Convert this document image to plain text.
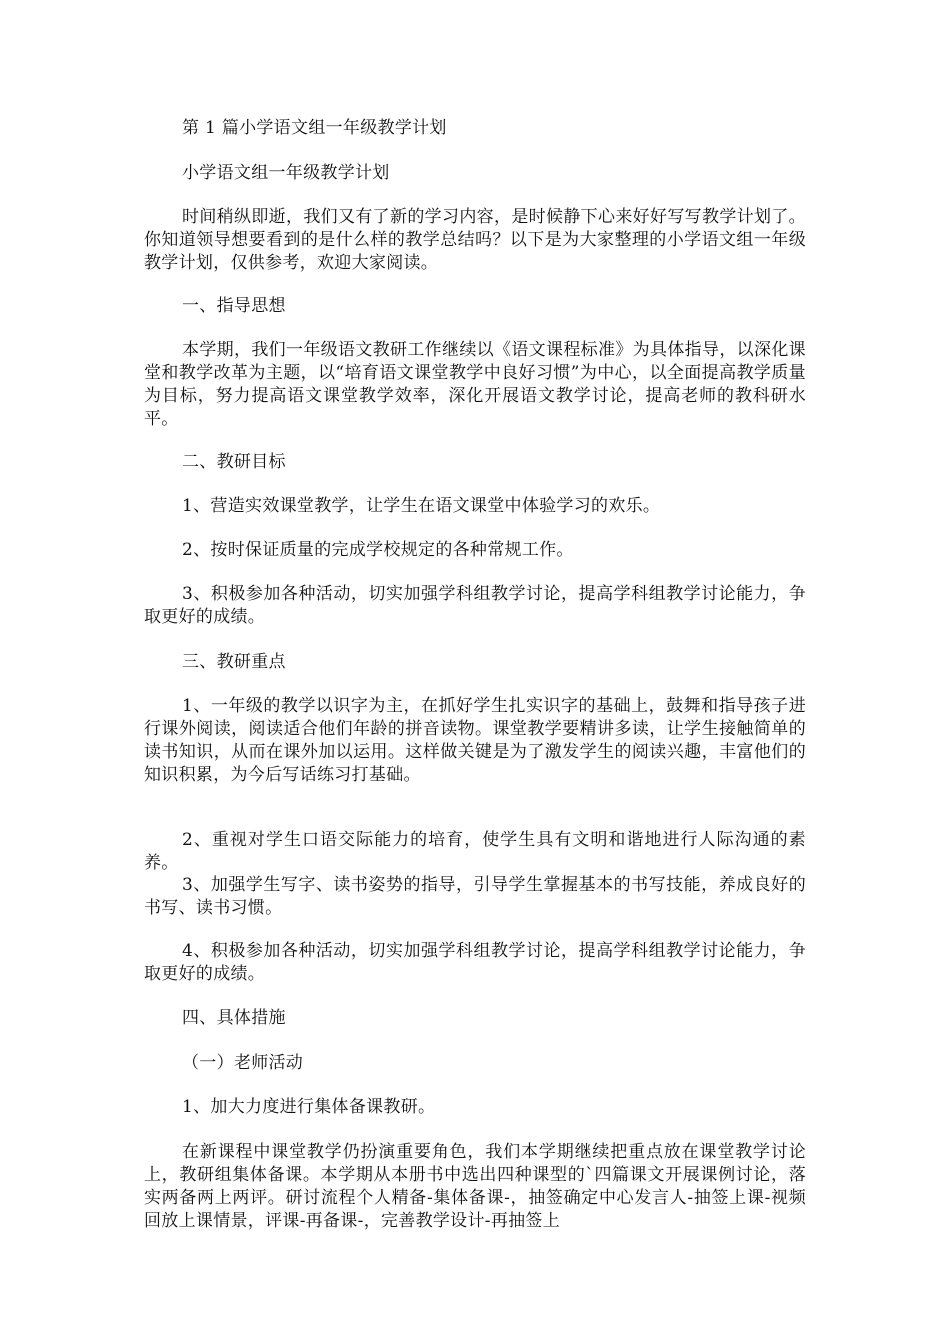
第 1 篇小学语文组一年级教学计划

小学语文组一年级教学计划

时间稍纵即逝，我们又有了新的学习内容，是时候静下心来好好写写教学计划了。你知道领导想要看到的是什么样的教学总结吗？以下是为大家整理的小学语文组一年级教学计划，仅供参考，欢迎大家阅读。

一、指导思想

本学期，我们一年级语文教研工作继续以《语文课程标准》为具体指导，以深化课堂和教学改革为主题，以“培育语文课堂教学中良好习惯”为中心，以全面提高教学质量为目标，努力提高语文课堂教学效率，深化开展语文教学讨论，提高老师的教科研水平。

二、教研目标

1、营造实效课堂教学，让学生在语文课堂中体验学习的欢乐。

2、按时保证质量的完成学校规定的各种常规工作。

3、积极参加各种活动，切实加强学科组教学讨论，提高学科组教学讨论能力，争取更好的成绩。

三、教研重点

1、一年级的教学以识字为主，在抓好学生扎实识字的基础上，鼓舞和指导孩子进行课外阅读，阅读适合他们年龄的拼音读物。课堂教学要精讲多读，让学生接触简单的读书知识，从而在课外加以运用。这样做关键是为了激发学生的阅读兴趣，丰富他们的知识积累，为今后写话练习打基础。

2、重视对学生口语交际能力的培育，使学生具有文明和谐地进行人际沟通的素养。

3、加强学生写字、读书姿势的指导，引导学生掌握基本的书写技能，养成良好的书写、读书习惯。

4、积极参加各种活动，切实加强学科组教学讨论，提高学科组教学讨论能力，争取更好的成绩。

四、具体措施

（一）老师活动

1、加大力度进行集体备课教研。

在新课程中课堂教学仍扮演重要角色，我们本学期继续把重点放在课堂教学讨论上，教研组集体备课。本学期从本册书中选出四种课型的`四篇课文开展课例讨论，落实两备两上两评。研讨流程个人精备-集体备课-，抽签确定中心发言人-抽签上课-视频回放上课情景，评课-再备课-，完善教学设计-再抽签上
